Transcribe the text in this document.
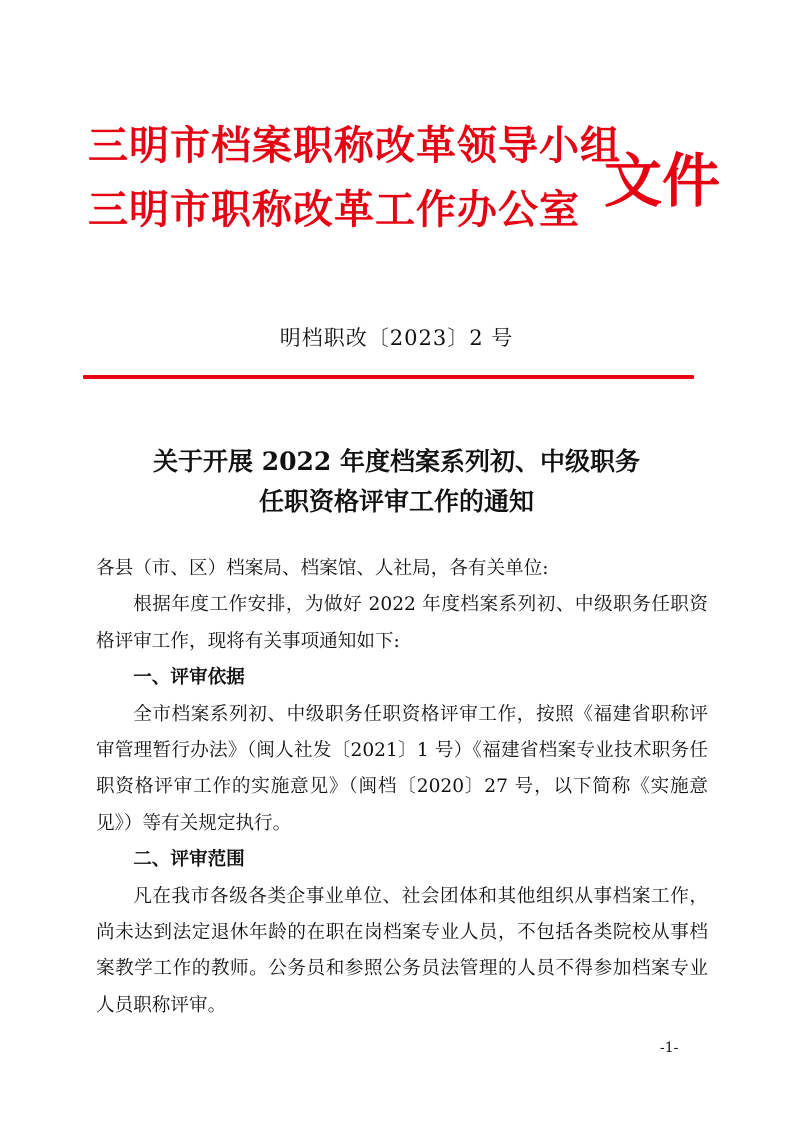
三明市档案职称改革领导小组
三明市职称改革工作办公室 文件
明档职改〔2023〕2 号
关于开展 2022 年度档案系列初、中级职务
任职资格评审工作的通知

各县（市、区）档案局、档案馆、人社局，各有关单位:

根据年度工作安排，为做好 2022 年度档案系列初、中级职务任职资格评审工作，现将有关事项通知如下:

一、评审依据

全市档案系列初、中级职务任职资格评审工作，按照《福建省职称评审管理暂行办法》（闽人社发〔2021〕1 号）《福建省档案专业技术职务任职资格评审工作的实施意见》（闽档〔2020〕27 号，以下简称《实施意见》）等有关规定执行。

二、评审范围

凡在我市各级各类企事业单位、社会团体和其他组织从事档案工作，尚未达到法定退休年龄的在职在岗档案专业人员，不包括各类院校从事档案教学工作的教师。公务员和参照公务员法管理的人员不得参加档案专业人员职称评审。

-1-
